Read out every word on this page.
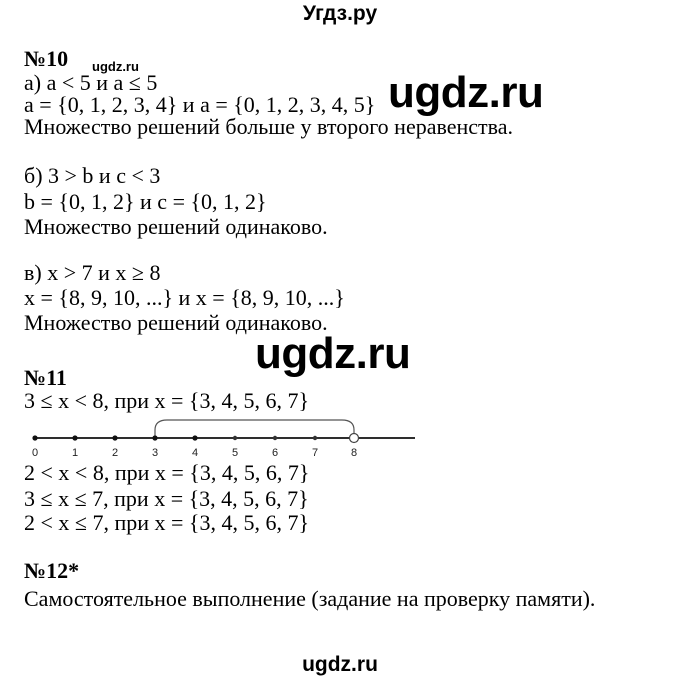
Угдз.ру
№10 ugdz.ru
а) а < 5 и а ≤ 5
а = {0, 1, 2, 3, 4} и а = {0, 1, 2, 3, 4, 5} ugdz.ru
Множество решений больше у второго неравенства.
б) 3 > b и c < 3
b = {0, 1, 2} и c = {0, 1, 2}
Множество решений одинаково.
в) x > 7 и x ≥ 8
x = {8, 9, 10, ...} и x = {8, 9, 10, ...}
Множество решений одинаково.
ugdz.ru
№11
3 ≤ x < 8, при x = {3, 4, 5, 6, 7}
0	1	2	3	4	5	6	7	8
2 < x < 8, при x = {3, 4, 5, 6, 7}
3 ≤ x ≤ 7, при x = {3, 4, 5, 6, 7}
2 < x ≤ 7, при x = {3, 4, 5, 6, 7}
№12*
Самостоятельное выполнение (задание на проверку памяти).
ugdz.ru
